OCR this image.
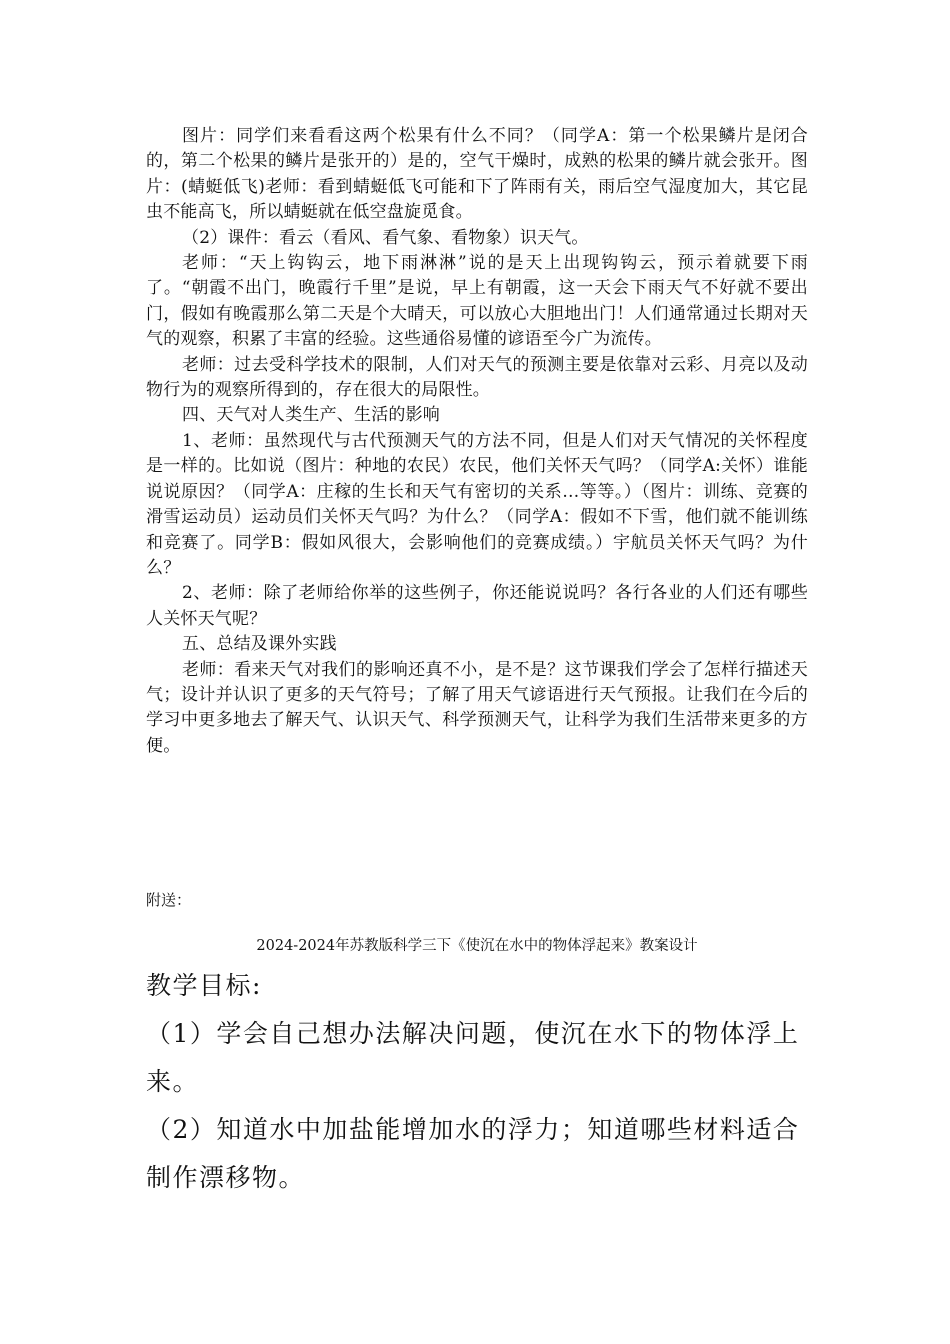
图片：同学们来看看这两个松果有什么不同？（同学A：第一个松果鳞片是闭合的，第二个松果的鳞片是张开的）是的，空气干燥时，成熟的松果的鳞片就会张开。图片：(蜻蜓低飞)老师：看到蜻蜓低飞可能和下了阵雨有关，雨后空气湿度加大，其它昆虫不能高飞，所以蜻蜓就在低空盘旋觅食。

（2）课件：看云（看风、看气象、看物象）识天气。

老师：“天上钩钩云，地下雨淋淋”说的是天上出现钩钩云，预示着就要下雨了。“朝霞不出门，晚霞行千里”是说，早上有朝霞，这一天会下雨天气不好就不要出门，假如有晚霞那么第二天是个大晴天，可以放心大胆地出门！人们通常通过长期对天气的观察，积累了丰富的经验。这些通俗易懂的谚语至今广为流传。

老师：过去受科学技术的限制，人们对天气的预测主要是依靠对云彩、月亮以及动物行为的观察所得到的，存在很大的局限性。

四、天气对人类生产、生活的影响

1、老师：虽然现代与古代预测天气的方法不同，但是人们对天气情况的关怀程度是一样的。比如说（图片：种地的农民）农民，他们关怀天气吗？（同学A:关怀）谁能说说原因？（同学A：庄稼的生长和天气有密切的关系…等等。）（图片：训练、竞赛的滑雪运动员）运动员们关怀天气吗？为什么？（同学A：假如不下雪，他们就不能训练和竞赛了。同学B：假如风很大，会影响他们的竞赛成绩。）宇航员关怀天气吗？为什么？

2、老师：除了老师给你举的这些例子，你还能说说吗？各行各业的人们还有哪些人关怀天气呢？

五、总结及课外实践

老师：看来天气对我们的影响还真不小，是不是？这节课我们学会了怎样行描述天气；设计并认识了更多的天气符号；了解了用天气谚语进行天气预报。让我们在今后的学习中更多地去了解天气、认识天气、科学预测天气，让科学为我们生活带来更多的方便。

附送：
2024-2024年苏教版科学三下《使沉在水中的物体浮起来》教案设计

教学目标:

（1）学会自己想办法解决问题，使沉在水下的物体浮上来。

（2）知道水中加盐能增加水的浮力；知道哪些材料适合制作漂移物。
